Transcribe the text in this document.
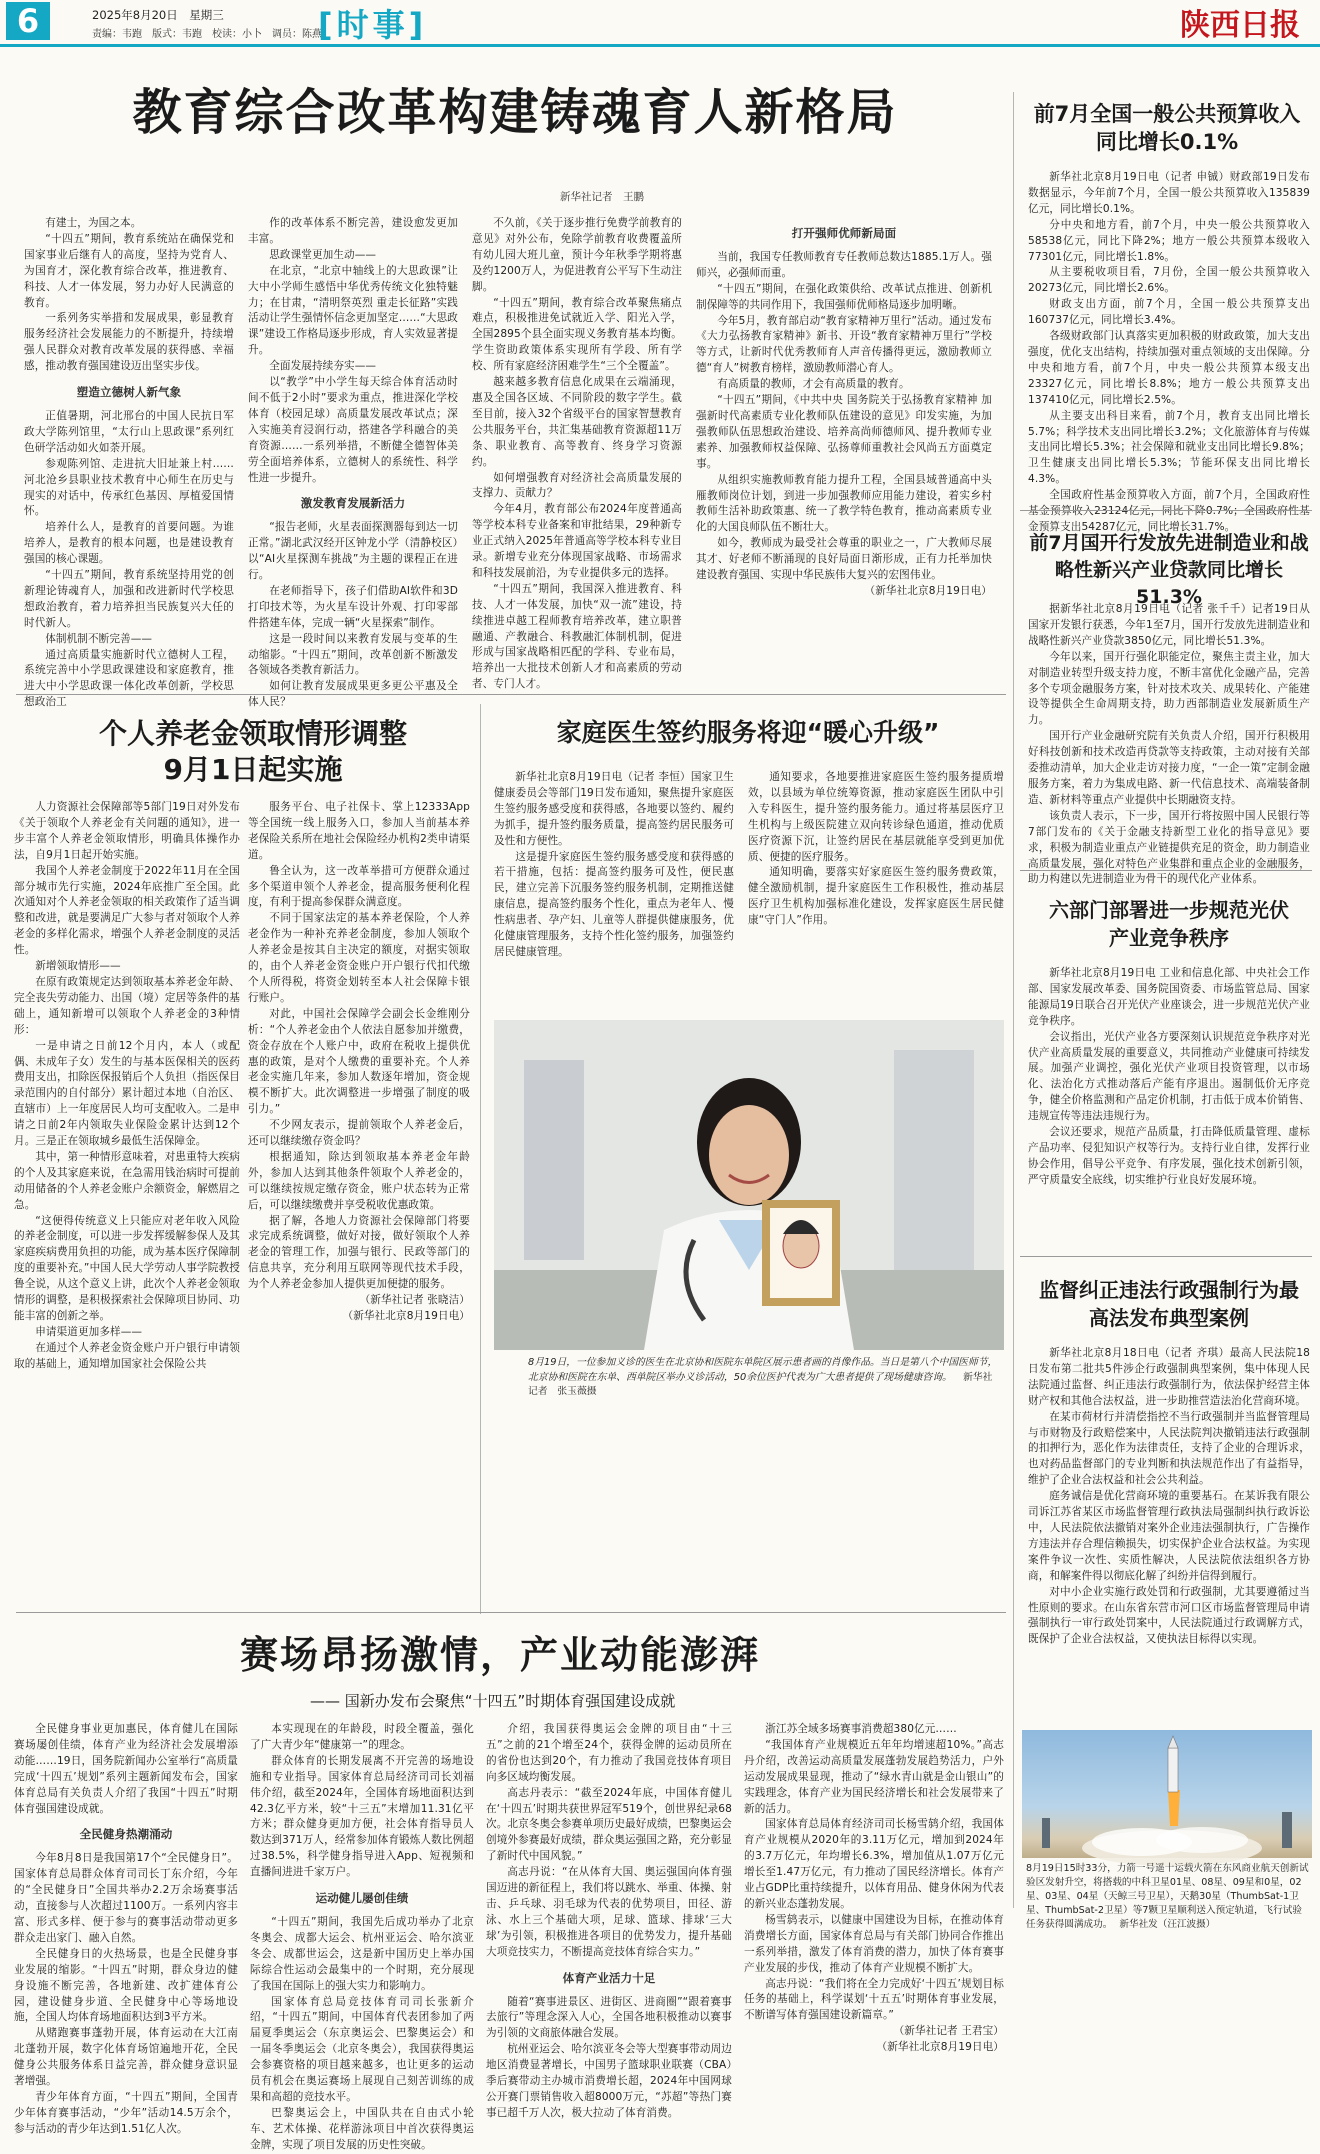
6	2025年8月20日　星期三
责编：韦跑　版式：韦跑　校读：小卜　调员：陈燕
[时事]	陕西日报
教育综合改革构建铸魂育人新格局
新华社记者　王鹏

有建士，为国之本。

“十四五”期间，教育系统站在确保党和国家事业后继有人的高度，坚持为党育人、为国育才，深化教育综合改革，推进教育、科技、人才一体发展，努力办好人民满意的教育。

一系列务实举措和发展成果，彰显教育服务经济社会发展能力的不断提升，持续增强人民群众对教育改革发展的获得感、幸福感，推动教育强国建设迈出坚实步伐。

塑造立德树人新气象

正值暑期，河北邢台的中国人民抗日军政大学陈列馆里，“太行山上思政课”系列红色研学活动如火如荼开展。

参观陈列馆、走进抗大旧址兼上村……河北沧乡县职业技术教育中心师生在历史与现实的对话中，传承红色基因、厚植爱国情怀。

培养什么人，是教育的首要问题。为谁培养人，是教育的根本问题，也是建设教育强国的核心课题。

“十四五”期间，教育系统坚持用党的创新理论铸魂育人，加强和改进新时代学校思想政治教育，着力培养担当民族复兴大任的时代新人。

体制机制不断完善——

通过高质量实施新时代立德树人工程，系统完善中小学思政课建设和家庭教育，推进大中小学思政课一体化改革创新，学校思想政治工

作的改革体系不断完善，建设愈发更加丰富。

思政课堂更加生动——

在北京，“北京中轴线上的大思政课”让大中小学师生感悟中华优秀传统文化独特魅力；在甘肃，“清明祭英烈 重走长征路”实践活动让学生强情怀信念更加坚定……“大思政课”建设工作格局逐步形成，育人实效显著提升。

全面发展持续夯实——

以“教学”中小学生每天综合体育活动时间不低于2小时”要求为重点，推进深化学校体育（校园足球）高质量发展改革试点；深入实施美育浸润行动，搭建各学科融合的美育资源……一系列举措，不断健全德智体美劳全面培养体系，立德树人的系统性、科学性进一步提升。

激发教育发展新活力

“报告老师，火星表面探测器每到达一切正常。”湖北武汉经开区钟龙小学（清静校区）以“AI火星探测车挑战”为主题的课程正在进行。

在老师指导下，孩子们借助AI软件和3D打印技术等，为火星车设计外观、打印零部件搭建车体，完成一辆“火星探索”制作。

这是一段时间以来教育发展与变革的生动缩影。“十四五”期间，改革创新不断激发各领域各类教育新活力。

如何让教育发展成果更多更公平惠及全体人民？

不久前，《关于逐步推行免费学前教育的意见》对外公布，免除学前教育收费覆盖所有幼儿园大班儿童，预计今年秋季学期将惠及约1200万人，为促进教育公平写下生动注脚。

“十四五”期间，教育综合改革聚焦痛点难点，积极推进免试就近入学、阳光入学，全国2895个县全面实现义务教育基本均衡。学生资助政策体系实现所有学段、所有学校、所有家庭经济困难学生“三个全覆盖”。

越来越多教育信息化成果在云端涌现，惠及全国各区域、不同阶段的数字学生。截至目前，接入32个省级平台的国家智慧教育公共服务平台，共汇集基础教育资源超11万条、职业教育、高等教育、终身学习资源约。

如何增强教育对经济社会高质量发展的支撑力、贡献力？

今年4月，教育部公布2024年度普通高等学校本科专业备案和审批结果，29种新专业正式纳入2025年普通高等学校本科专业目录。新增专业充分体现国家战略、市场需求和科技发展前沿，为专业提供多元的选择。

“十四五”期间，我国深入推进教育、科技、人才一体发展，加快“双一流”建设，持续推进卓越工程师教育培养改革，建立职普融通、产教融合、科教融汇体制机制，促进形成与国家战略相匹配的学科、专业布局，培养出一大批技术创新人才和高素质的劳动者、专门人才。

打开强师优师新局面

当前，我国专任教师教育专任教师总数达1885.1万人。强师兴，必强师而重。

“十四五”期间，在强化政策供给、改革试点推进、创新机制保障等的共同作用下，我国强师优师格局逐步加明晰。

今年5月，教育部启动“教育家精神万里行”活动。通过发布《大力弘扬教育家精神》新书、开设“教育家精神万里行”学校等方式，让新时代优秀教师育人声音传播得更远，激励教师立德“育人”树教育榜样，激励教师潜心育人。

有高质量的教师，才会有高质量的教育。

“十四五”期间，《中共中央 国务院关于弘扬教育家精神 加强新时代高素质专业化教师队伍建设的意见》印发实施，为加强教师队伍思想政治建设、培养高尚师德师风、提升教师专业素养、加强教师权益保障、弘扬尊师重教社会风尚五方面奠定事。

从组织实施教师教育能力提升工程，全国县域普通高中头雁教师岗位计划，到进一步加强教师应用能力建设，着实乡村教师生活补助政策惠、统一了教学特色教育，推动高素质专业化的大国良师队伍不断壮大。

如今，教师成为最受社会尊重的职业之一，广大教师尽展其才、好老师不断涌现的良好局面日渐形成，正有力托举加快建设教育强国、实现中华民族伟大复兴的宏图伟业。

（新华社北京8月19日电）

前7月全国一般公共预算收入同比增长0.1%

新华社北京8月19日电（记者 申铖）财政部19日发布数据显示，今年前7个月，全国一般公共预算收入135839亿元，同比增长0.1%。

分中央和地方看，前7个月，中央一般公共预算收入58538亿元，同比下降2%；地方一般公共预算本级收入77301亿元，同比增长1.8%。

从主要税收项目看，7月份，全国一般公共预算收入20273亿元，同比增长2.6%。

财政支出方面，前7个月，全国一般公共预算支出160737亿元，同比增长3.4%。

各级财政部门认真落实更加积极的财政政策，加大支出强度，优化支出结构，持续加强对重点领域的支出保障。分中央和地方看，前7个月，中央一般公共预算本级支出23327亿元，同比增长8.8%；地方一般公共预算支出137410亿元，同比增长2.5%。

从主要支出科目来看，前7个月，教育支出同比增长5.7%；科学技术支出同比增长3.2%；文化旅游体育与传媒支出同比增长5.3%；社会保障和就业支出同比增长9.8%；卫生健康支出同比增长5.3%；节能环保支出同比增长4.3%。

全国政府性基金预算收入方面，前7个月，全国政府性基金预算收入23124亿元，同比下降0.7%；全国政府性基金预算支出54287亿元，同比增长31.7%。

前7月国开行发放先进制造业和战略性新兴产业贷款同比增长51.3%

据新华社北京8月19日电（记者 张千千）记者19日从国家开发银行获悉，今年1至7月，国开行发放先进制造业和战略性新兴产业贷款3850亿元，同比增长51.3%。

今年以来，国开行强化职能定位，聚焦主责主业，加大对制造业转型升级支持力度，不断丰富优化金融产品，完善多个专项金融服务方案，针对技术攻关、成果转化、产能建设等提供全生命周期支持，助力西部制造业发展新质生产力。

国开行产业金融研究院有关负责人介绍，国开行积极用好科技创新和技术改造再贷款等支持政策，主动对接有关部委推动清单，加大企业走访对接力度，“一企一策”定制金融服务方案，着力为集成电路、新一代信息技术、高端装备制造、新材料等重点产业提供中长期融资支持。

该负责人表示，下一步，国开行将按照中国人民银行等7部门发布的《关于金融支持新型工业化的指导意见》要求，积极为制造业重点产业链提供充足的资金，助力制造业高质量发展，强化对特色产业集群和重点企业的金融服务，助力构建以先进制造业为骨干的现代化产业体系。

六部门部署进一步规范光伏产业竞争秩序

新华社北京8月19日电 工业和信息化部、中央社会工作部、国家发展改革委、国务院国资委、市场监管总局、国家能源局19日联合召开光伏产业座谈会，进一步规范光伏产业竞争秩序。

会议指出，光伏产业各方要深刻认识规范竞争秩序对光伏产业高质量发展的重要意义，共同推动产业健康可持续发展。加强产业调控，强化光伏产业项目投资管理，以市场化、法治化方式推动落后产能有序退出。遏制低价无序竞争，健全价格监测和产品定价机制，打击低于成本价销售、违规宣传等违法违规行为。

会议还要求，规范产品质量，打击降低质量管理、虚标产品功率、侵犯知识产权等行为。支持行业自律，发挥行业协会作用，倡导公平竞争、有序发展，强化技术创新引领，严守质量安全底线，切实维护行业良好发展环境。

监督纠正违法行政强制行为最高法发布典型案例

新华社北京8月18日电（记者 齐琪）最高人民法院18日发布第二批共5件涉企行政强制典型案例，集中体现人民法院通过监督、纠正违法行政强制行为，依法保护经营主体财产权和其他合法权益，进一步助推营造法治化营商环境。

在某市荷材行并清偿指控不当行政强制并当监督管理局与市财物及行政赔偿案中，人民法院判决撤销违法行政强制的扣押行为，恶化作为法律责任，支持了企业的合理诉求，也对药品监督部门的专业判断和执法规范作出了有益指导，维护了企业合法权益和社会公共利益。

庭务诚信是优化营商环境的重要基石。在某诉我有限公司诉江苏省某区市场监督管理行政执法局强制纠执行政诉讼中，人民法院依法撤销对案外企业违法强制执行，广告操作方违法并存合理信赖损失，切实保护企业合法权益。为实现案件争议一次性、实质性解决，人民法院依法组织各方协商，和解案件得以彻底化解了纠纷并信得到履行。

对中小企业实施行政处罚和行政强制，尤其要遵循过当性原则的要求。在山东省东营市河口区市场监督管理局申请强制执行一审行政处罚案中，人民法院通过行政调解方式，既保护了企业合法权益，又使执法目标得以实现。

8月19日15时33分，力箭一号遥十运载火箭在东风商业航天创新试验区发射升空，将搭载的中科卫星01星、08星、09星和0星，02星、03星、04星（天鲸三号卫星），天鹅30星（ThumbSat-1卫星、ThumbSat-2卫星）等7颗卫星顺利送入预定轨道，飞行试验任务获得圆满成功。 新华社发（汪江波摄）
个人养老金领取情形调整 9月1日起实施

人力资源社会保障部等5部门19日对外发布《关于领取个人养老金有关问题的通知》，进一步丰富个人养老金领取情形，明确具体操作办法，自9月1日起开始实施。

我国个人养老金制度于2022年11月在全国部分城市先行实施，2024年底推广至全国。此次通知对个人养老金领取的相关政策作了适当调整和改进，就是要满足广大参与者对领取个人养老金的多样化需求，增强个人养老金制度的灵活性。

新增领取情形——

在原有政策规定达到领取基本养老金年龄、完全丧失劳动能力、出国（境）定居等条件的基础上，通知新增可以领取个人养老金的3种情形：

一是申请之日前12个月内，本人（或配偶、未成年子女）发生的与基本医保相关的医药费用支出，扣除医保报销后个人负担（指医保目录范围内的自付部分）累计超过本地（自治区、直辖市）上一年度居民人均可支配收入。二是申请之日前2年内领取失业保险金累计达到12个月。三是正在领取城乡最低生活保障金。

其中，第一种情形意味着，对患重特大疾病的个人及其家庭来说，在急需用钱治病时可提前动用储备的个人养老金账户余额资金，解燃眉之急。

“这便得传统意义上只能应对老年收入风险的养老金制度，可以进一步发挥缓解参保人及其家庭疾病费用负担的功能，成为基本医疗保障制度的重要补充。”中国人民大学劳动人事学院教授鲁全说，从这个意义上讲，此次个人养老金领取情形的调整，是积极探索社会保障项目协同、功能丰富的创新之举。

申请渠道更加多样——

在通过个人养老金资金账户开户银行申请领取的基础上，通知增加国家社会保险公共

服务平台、电子社保卡、掌上12333App等全国统一线上服务入口，参加人当前基本养老保险关系所在地社会保险经办机构2类申请渠道。

鲁全认为，这一改革举措可方便群众通过多个渠道申领个人养老金，提高服务便利化程度，有利于提高参保群众满意度。

不同于国家法定的基本养老保险，个人养老金作为一种补充养老金制度，参加人领取个人养老金是按其自主决定的额度，对据实领取的，由个人养老金资金账户开户银行代扣代缴个人所得税，将资金划转至本人社会保障卡银行账户。

对此，中国社会保障学会副会长金维刚分析：“个人养老金由个人依法自愿参加并缴费，资金存放在个人账户中，政府在税收上提供优惠的政策，是对个人缴费的重要补充。个人养老金实施几年来，参加人数逐年增加，资金规模不断扩大。此次调整进一步增强了制度的吸引力。”

不少网友表示，提前领取个人养老金后，还可以继续缴存资金吗？

根据通知，除达到领取基本养老金年龄外，参加人达到其他条件领取个人养老金的，可以继续按规定缴存资金，账户状态转为正常后，可以继续缴费并享受税收优惠政策。

据了解，各地人力资源社会保障部门将要求完成系统调整，做好对接，做好领取个人养老金的管理工作，加强与银行、民政等部门的信息共享，充分利用互联网等现代技术手段，为个人养老金参加人提供更加便捷的服务。

（新华社记者 张晓洁）

（新华社北京8月19日电）

家庭医生签约服务将迎“暖心升级”

新华社北京8月19日电（记者 李恒）国家卫生健康委员会等部门19日发布通知，聚焦提升家庭医生签约服务感受度和获得感，各地要以签约、履约为抓手，提升签约服务质量，提高签约居民服务可及性和方便性。

这是提升家庭医生签约服务感受度和获得感的若干措施，包括：提高签约服务可及性，便民惠民，建立完善下沉服务签约服务机制，定期推送健康信息，提高签约服务个性化，重点为老年人、慢性病患者、孕产妇、儿童等人群提供健康服务，优化健康管理服务，支持个性化签约服务，加强签约居民健康管理。

通知要求，各地要推进家庭医生签约服务提质增效，以县域为单位统筹资源，推动家庭医生团队中引入专科医生，提升签约服务能力。通过将基层医疗卫生机构与上级医院建立双向转诊绿色通道，推动优质医疗资源下沉，让签约居民在基层就能享受到更加优质、便捷的医疗服务。

通知明确，要落实好家庭医生签约服务费政策，健全激励机制，提升家庭医生工作积极性，推动基层医疗卫生机构加强标准化建设，发挥家庭医生居民健康“守门人”作用。

8月19日，一位参加义诊的医生在北京协和医院东单院区展示患者画的肖像作品。当日是第八个中国医师节，北京协和医院在东单、西单院区举办义诊活动，50余位医护代表为广大患者提供了现场健康咨询。 新华社记者　张玉薇摄
赛场昂扬激情，产业动能澎湃
—— 国新办发布会聚焦“十四五”时期体育强国建设成就

全民健身事业更加惠民，体育健儿在国际赛场屡创佳绩，体育产业为经济社会发展增添动能……19日，国务院新闻办公室举行“高质量完成‘十四五’规划”系列主题新闻发布会，国家体育总局有关负责人介绍了我国“十四五”时期体育强国建设成就。

全民健身热潮涌动

今年8月8日是我国第17个“全民健身日”。国家体育总局群众体育司司长丁东介绍，今年的“全民健身日”全国共举办2.2万余场赛事活动，直接参与人次超过1100万。一系列内容丰富、形式多样、便于参与的赛事活动带动更多群众走出家门、融入自然。

全民健身日的火热场景，也是全民健身事业发展的缩影。“十四五”时期，群众身边的健身设施不断完善，各地新建、改扩建体育公园，建设健身步道、全民健身中心等场地设施，全国人均体育场地面积达到3平方米。

从赌跑赛事蓬勃开展，体育运动在大江南北蓬勃开展，数字化体育场馆遍地开花，全民健身公共服务体系日益完善，群众健身意识显著增强。

青少年体育方面，“十四五”期间，全国青少年体育赛事活动，“少年”活动14.5万余个，参与活动的青少年达到1.51亿人次。

本实现现在的年龄段，时段全覆盖，强化了广大青少年“健康第一”的理念。

群众体育的长期发展离不开完善的场地设施和专业指导。国家体育总局经济司司长刘福伟介绍，截至2024年，全国体育场地面积达到42.3亿平方米，较“十三五”末增加11.31亿平方米；群众健身更加方便，社会体育指导员人数达到371万人，经常参加体育锻炼人数比例超过38.5%，科学健身指导进入App、短视频和直播间进进千家万户。

运动健儿屡创佳绩

“十四五”期间，我国先后成功举办了北京冬奥会、成都大运会、杭州亚运会、哈尔滨亚冬会、成都世运会，这是新中国历史上举办国际综合性运动会最集中的一个时期，充分展现了我国在国际上的强大实力和影响力。

国家体育总局竞技体育司司长张新介绍，“十四五”期间，中国体育代表团参加了两届夏季奥运会（东京奥运会、巴黎奥运会）和一届冬季奥运会（北京冬奥会），我国获得奥运会参赛资格的项目越来越多，也让更多的运动员有机会在奥运赛场上展现自己刻苦训练的成果和高超的竞技水平。

巴黎奥运会上，中国队共在自由式小轮车、艺术体操、花样游泳项目中首次获得奥运金牌，实现了项目发展的历史性突破。

介绍，我国获得奥运会金牌的项目由“十三五”之前的21个增至24个，获得金牌的运动员所在的省份也达到20个，有力推动了我国竞技体育项目向多区域均衡发展。

高志丹表示：“截至2024年底，中国体育健儿在‘十四五’时期共获世界冠军519个，创世界纪录68次。北京冬奥会参赛单项历史最好成绩，巴黎奥运会创境外参赛最好成绩，群众奥运强国之路，充分彰显了新时代中国风貌。”

高志丹说：“在从体育大国、奥运强国向体育强国迈进的新征程上，我们将以跳水、举重、体操、射击、乒乓球、羽毛球为代表的优势项目，田径、游泳、水上三个基础大项，足球、篮球、排球‘三大球’为引领，积极推进各项目的优势发力，提升基础大项竞技实力，不断提高竞技体育综合实力。”

体育产业活力十足

随着“赛事进景区、进街区、进商圈”“跟着赛事去旅行”等理念深入人心，全国各地积极推动以赛事为引领的文商旅体融合发展。

杭州亚运会、哈尔滨亚冬会等大型赛事带动周边地区消费显著增长，中国男子篮球职业联赛（CBA）季后赛带动主办城市消费增长超，2024年中国网球公开赛门票销售收入超8000万元，“苏超”等热门赛事已超千万人次，极大拉动了体育消费。

浙江苏全域多场赛事消费超380亿元……

“我国体育产业规模近五年年均增速超10%。”高志丹介绍，改善运动高质量发展蓬勃发展趋势活力，户外运动发展成果显现，推动了“绿水青山就是金山银山”的实践理念，体育产业为国民经济增长和社会发展带来了新的活力。

国家体育总局体育经济司司长杨雪鸫介绍，我国体育产业规模从2020年的3.11万亿元，增加到2024年的3.7万亿元，年均增长6.3%，增加值从1.07万亿元增长至1.47万亿元，有力推动了国民经济增长。体育产业占GDP比重持续提升，以体育用品、健身休闲为代表的新兴业态蓬勃发展。

杨雪鸫表示，以健康中国建设为目标，在推动体育消费增长方面，国家体育总局与有关部门协同合作推出一系列举措，激发了体育消费的潜力，加快了体育赛事产业发展的步伐，推动了体育产业规模不断扩大。

高志丹说：“我们将在全力完成好‘十四五’规划目标任务的基础上，科学谋划‘十五五’时期体育事业发展，不断谱写体育强国建设新篇章。”

（新华社记者 王君宝）

（新华社北京8月19日电）
